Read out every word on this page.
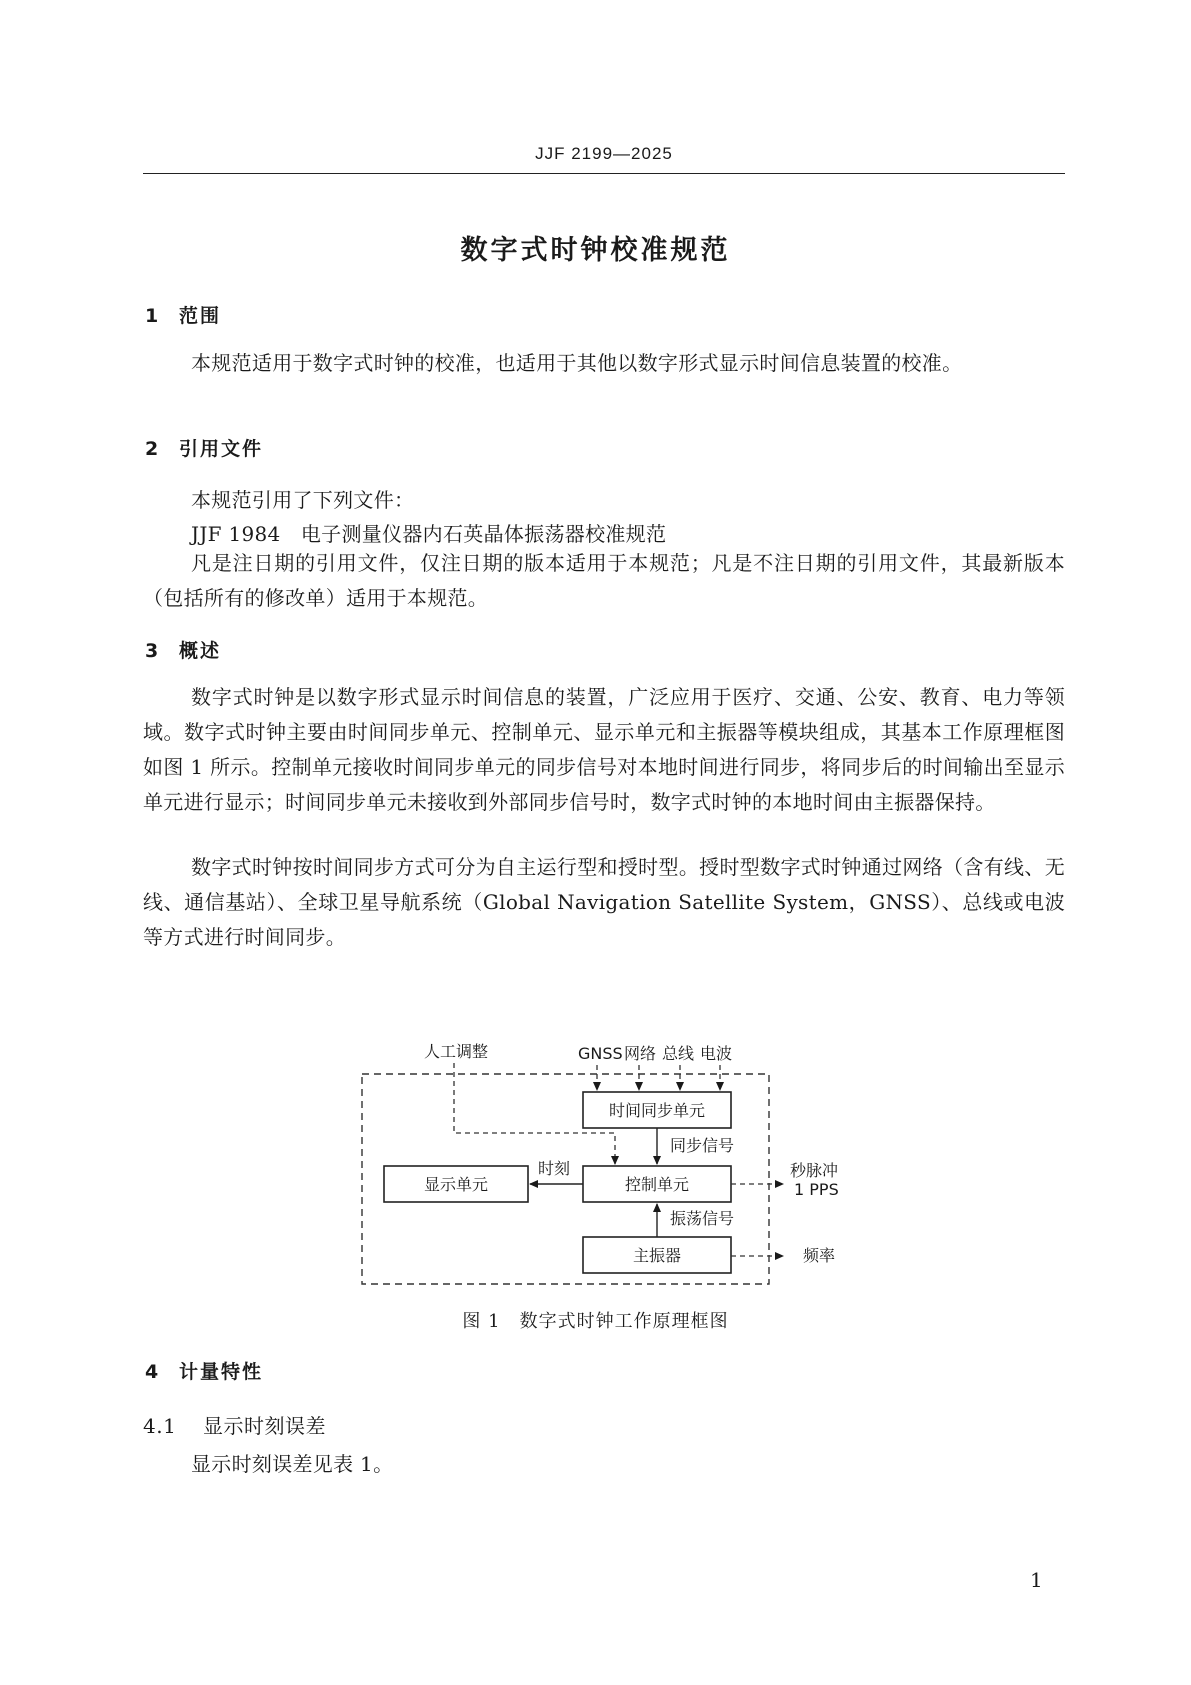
JJF 2199—2025
数字式时钟校准规范
1 范围

本规范适用于数字式时钟的校准，也适用于其他以数字形式显示时间信息装置的校准。

2 引用文件
本规范引用了下列文件：
JJF 1984　电子测量仪器内石英晶体振荡器校准规范

凡是注日期的引用文件，仅注日期的版本适用于本规范；凡是不注日期的引用文件，其最新版本（包括所有的修改单）适用于本规范。

3 概述

数字式时钟是以数字形式显示时间信息的装置，广泛应用于医疗、交通、公安、教育、电力等领域。数字式时钟主要由时间同步单元、控制单元、显示单元和主振器等模块组成，其基本工作原理框图如图 1 所示。控制单元接收时间同步单元的同步信号对本地时间进行同步，将同步后的时间输出至显示单元进行显示；时间同步单元未接收到外部同步信号时，数字式时钟的本地时间由主振器保持。

数字式时钟按时间同步方式可分为自主运行型和授时型。授时型数字式时钟通过网络（含有线、无线、通信基站）、全球卫星导航系统（Global Navigation Satellite System，GNSS）、总线或电波等方式进行时间同步。

人工调整	GNSS 网络 总线 电波
时间同步单元
同步信号
控制单元
显示单元
时刻	秒脉冲
1 PPS
振荡信号
主振器	频率
图 1　数字式时钟工作原理框图
4 计量特性
4.1 显示时刻误差
显示时刻误差见表 1。
1
